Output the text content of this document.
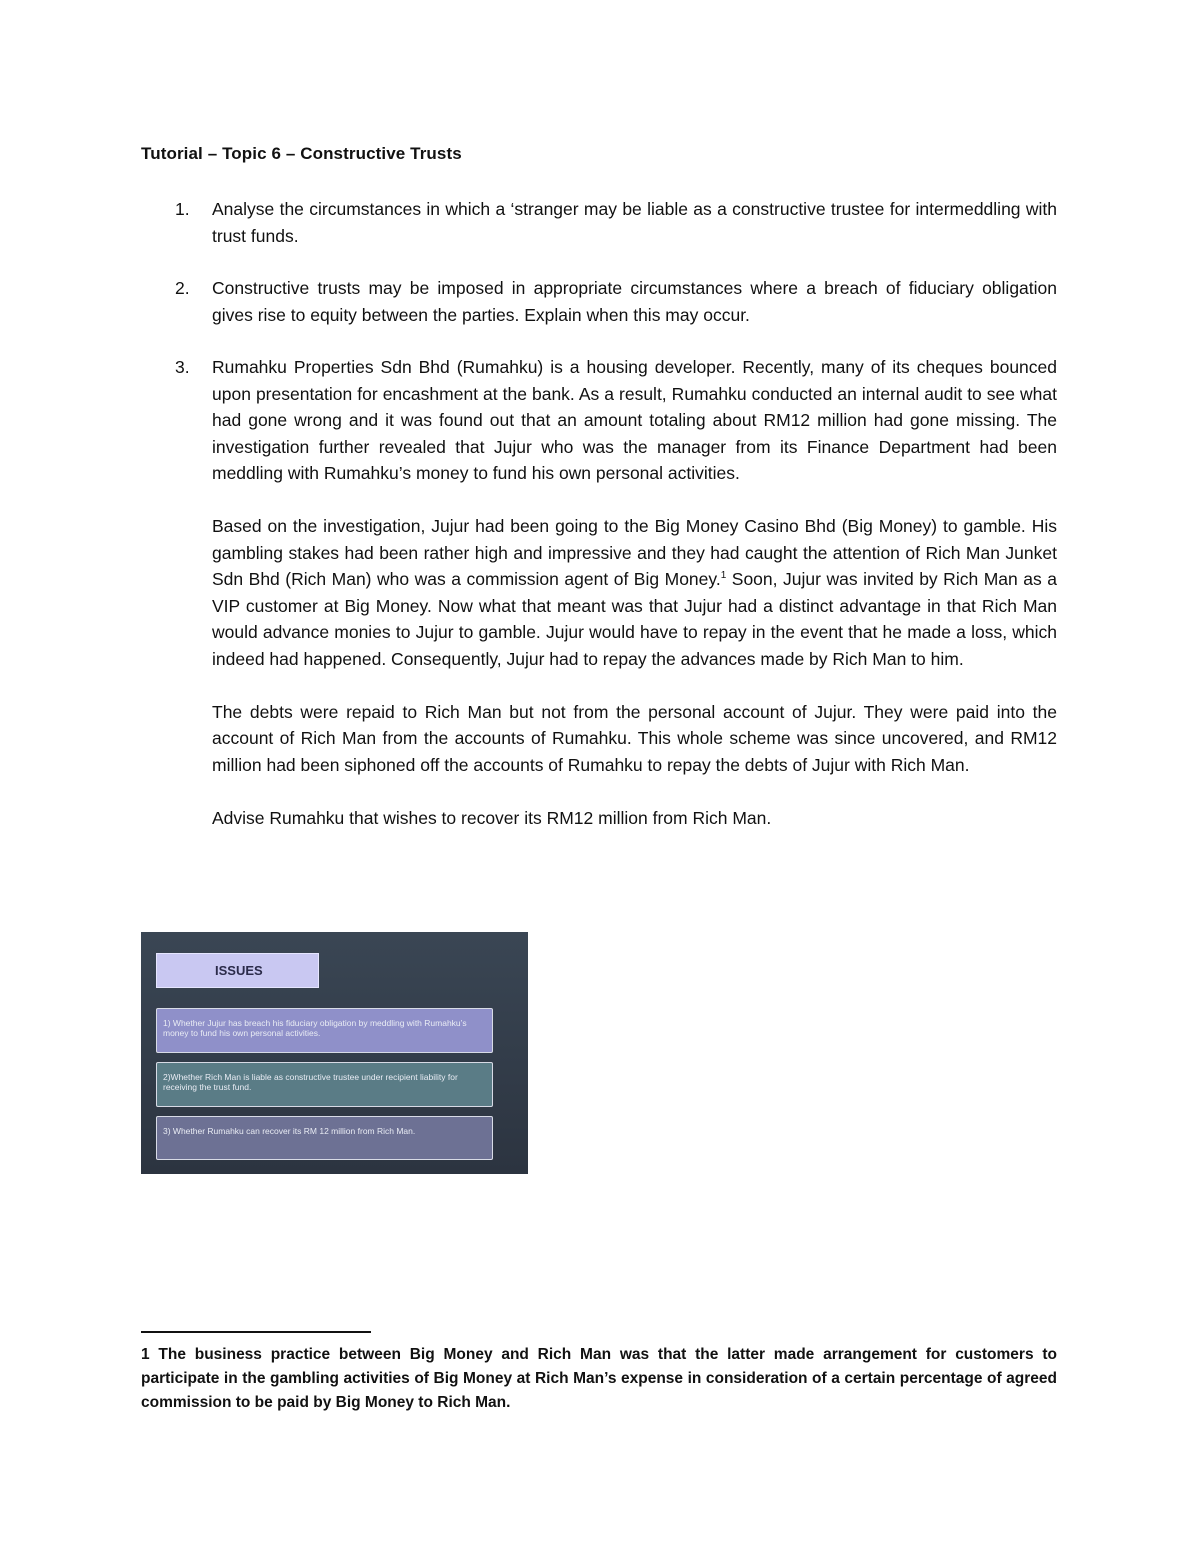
Tutorial – Topic 6 – Constructive Trusts
1. Analyse the circumstances in which a ‘stranger may be liable as a constructive trustee for intermeddling with trust funds.

2. Constructive trusts may be imposed in appropriate circumstances where a breach of fiduciary obligation gives rise to equity between the parties. Explain when this may occur.

3. Rumahku Properties Sdn Bhd (Rumahku) is a housing developer. Recently, many of its cheques bounced upon presentation for encashment at the bank. As a result, Rumahku conducted an internal audit to see what had gone wrong and it was found out that an amount totaling about RM12 million had gone missing. The investigation further revealed that Jujur who was the manager from its Finance Department had been meddling with Rumahku’s money to fund his own personal activities.

Based on the investigation, Jujur had been going to the Big Money Casino Bhd (Big Money) to gamble. His gambling stakes had been rather high and impressive and they had caught the attention of Rich Man Junket Sdn Bhd (Rich Man) who was a commission agent of Big Money.$^1$ Soon, Jujur was invited by Rich Man as a VIP customer at Big Money. Now what that meant was that Jujur had a distinct advantage in that Rich Man would advance monies to Jujur to gamble. Jujur would have to repay in the event that he made a loss, which indeed had happened. Consequently, Jujur had to repay the advances made by Rich Man to him.

The debts were repaid to Rich Man but not from the personal account of Jujur. They were paid into the account of Rich Man from the accounts of Rumahku. This whole scheme was since uncovered, and RM12 million had been siphoned off the accounts of Rumahku to repay the debts of Jujur with Rich Man.

Advise Rumahku that wishes to recover its RM12 million from Rich Man.

ISSUES
1) Whether Jujur has breach his fiduciary obligation by meddling with Rumahku’s money to fund his own personal activities.
2)Whether Rich Man is liable as constructive trustee under recipient liability for receiving the trust fund.
3) Whether Rumahku can recover its RM 12 million from Rich Man.
1 The business practice between Big Money and Rich Man was that the latter made arrangement for customers to participate in the gambling activities of Big Money at Rich Man’s expense in consideration of a certain percentage of agreed commission to be paid by Big Money to Rich Man.
